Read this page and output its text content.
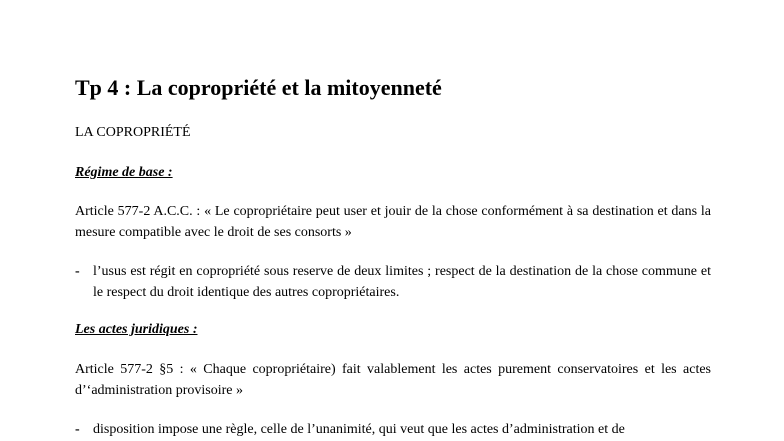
Tp 4 : La copropriété et la mitoyenneté

LA COPROPRIÉTÉ

Régime de base :

Article 577-2 A.C.C. : « Le copropriétaire peut user et jouir de la chose conformément à sa destination et dans la mesure compatible avec le droit de ses consorts »

- l’usus est régit en copropriété sous reserve de deux limites ; respect de la destination de la chose commune et le respect du droit identique des autres copropriétaires.

Les actes juridiques :

Article 577-2 §5 : « Chaque copropriétaire) fait valablement les actes purement conservatoires et les actes d’‘administration provisoire »

- disposition impose une règle, celle de l’unanimité, qui veut que les actes d’administration et de
